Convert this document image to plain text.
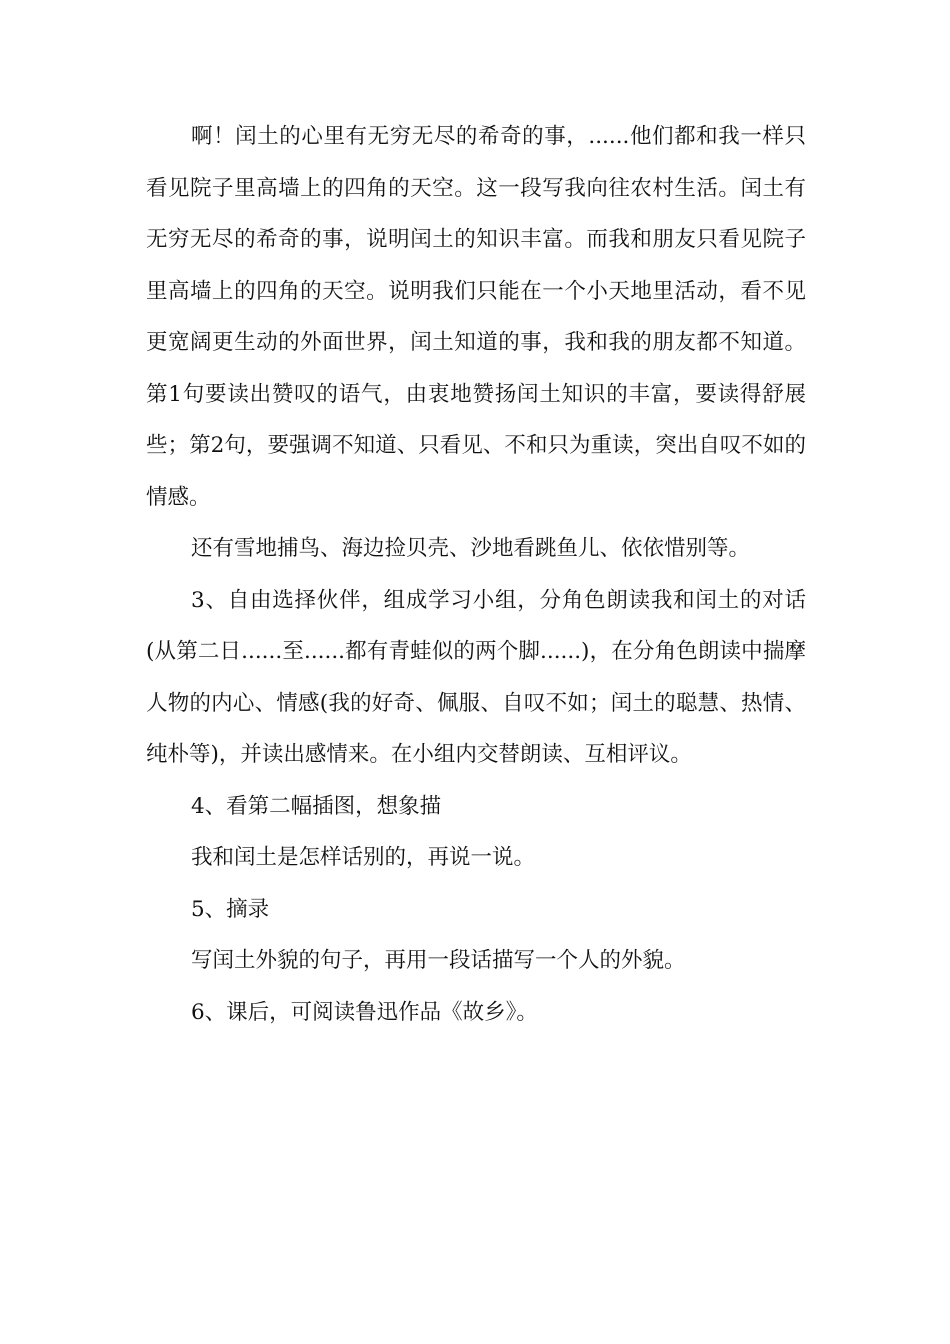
啊！闰土的心里有无穷无尽的希奇的事，......他们都和我一样只看见院子里高墙上的四角的天空。这一段写我向往农村生活。闰土有无穷无尽的希奇的事，说明闰土的知识丰富。而我和朋友只看见院子里高墙上的四角的天空。说明我们只能在一个小天地里活动，看不见更宽阔更生动的外面世界，闰土知道的事，我和我的朋友都不知道。第1句要读出赞叹的语气，由衷地赞扬闰土知识的丰富，要读得舒展些；第2句，要强调不知道、只看见、不和只为重读，突出自叹不如的情感。

还有雪地捕鸟、海边捡贝壳、沙地看跳鱼儿、依依惜别等。

3、自由选择伙伴，组成学习小组，分角色朗读我和闰土的对话(从第二日......至......都有青蛙似的两个脚......)，在分角色朗读中揣摩人物的内心、情感(我的好奇、佩服、自叹不如；闰土的聪慧、热情、纯朴等)，并读出感情来。在小组内交替朗读、互相评议。

4、看第二幅插图，想象描

我和闰土是怎样话别的，再说一说。

5、摘录

写闰土外貌的句子，再用一段话描写一个人的外貌。

6、课后，可阅读鲁迅作品《故乡》。
